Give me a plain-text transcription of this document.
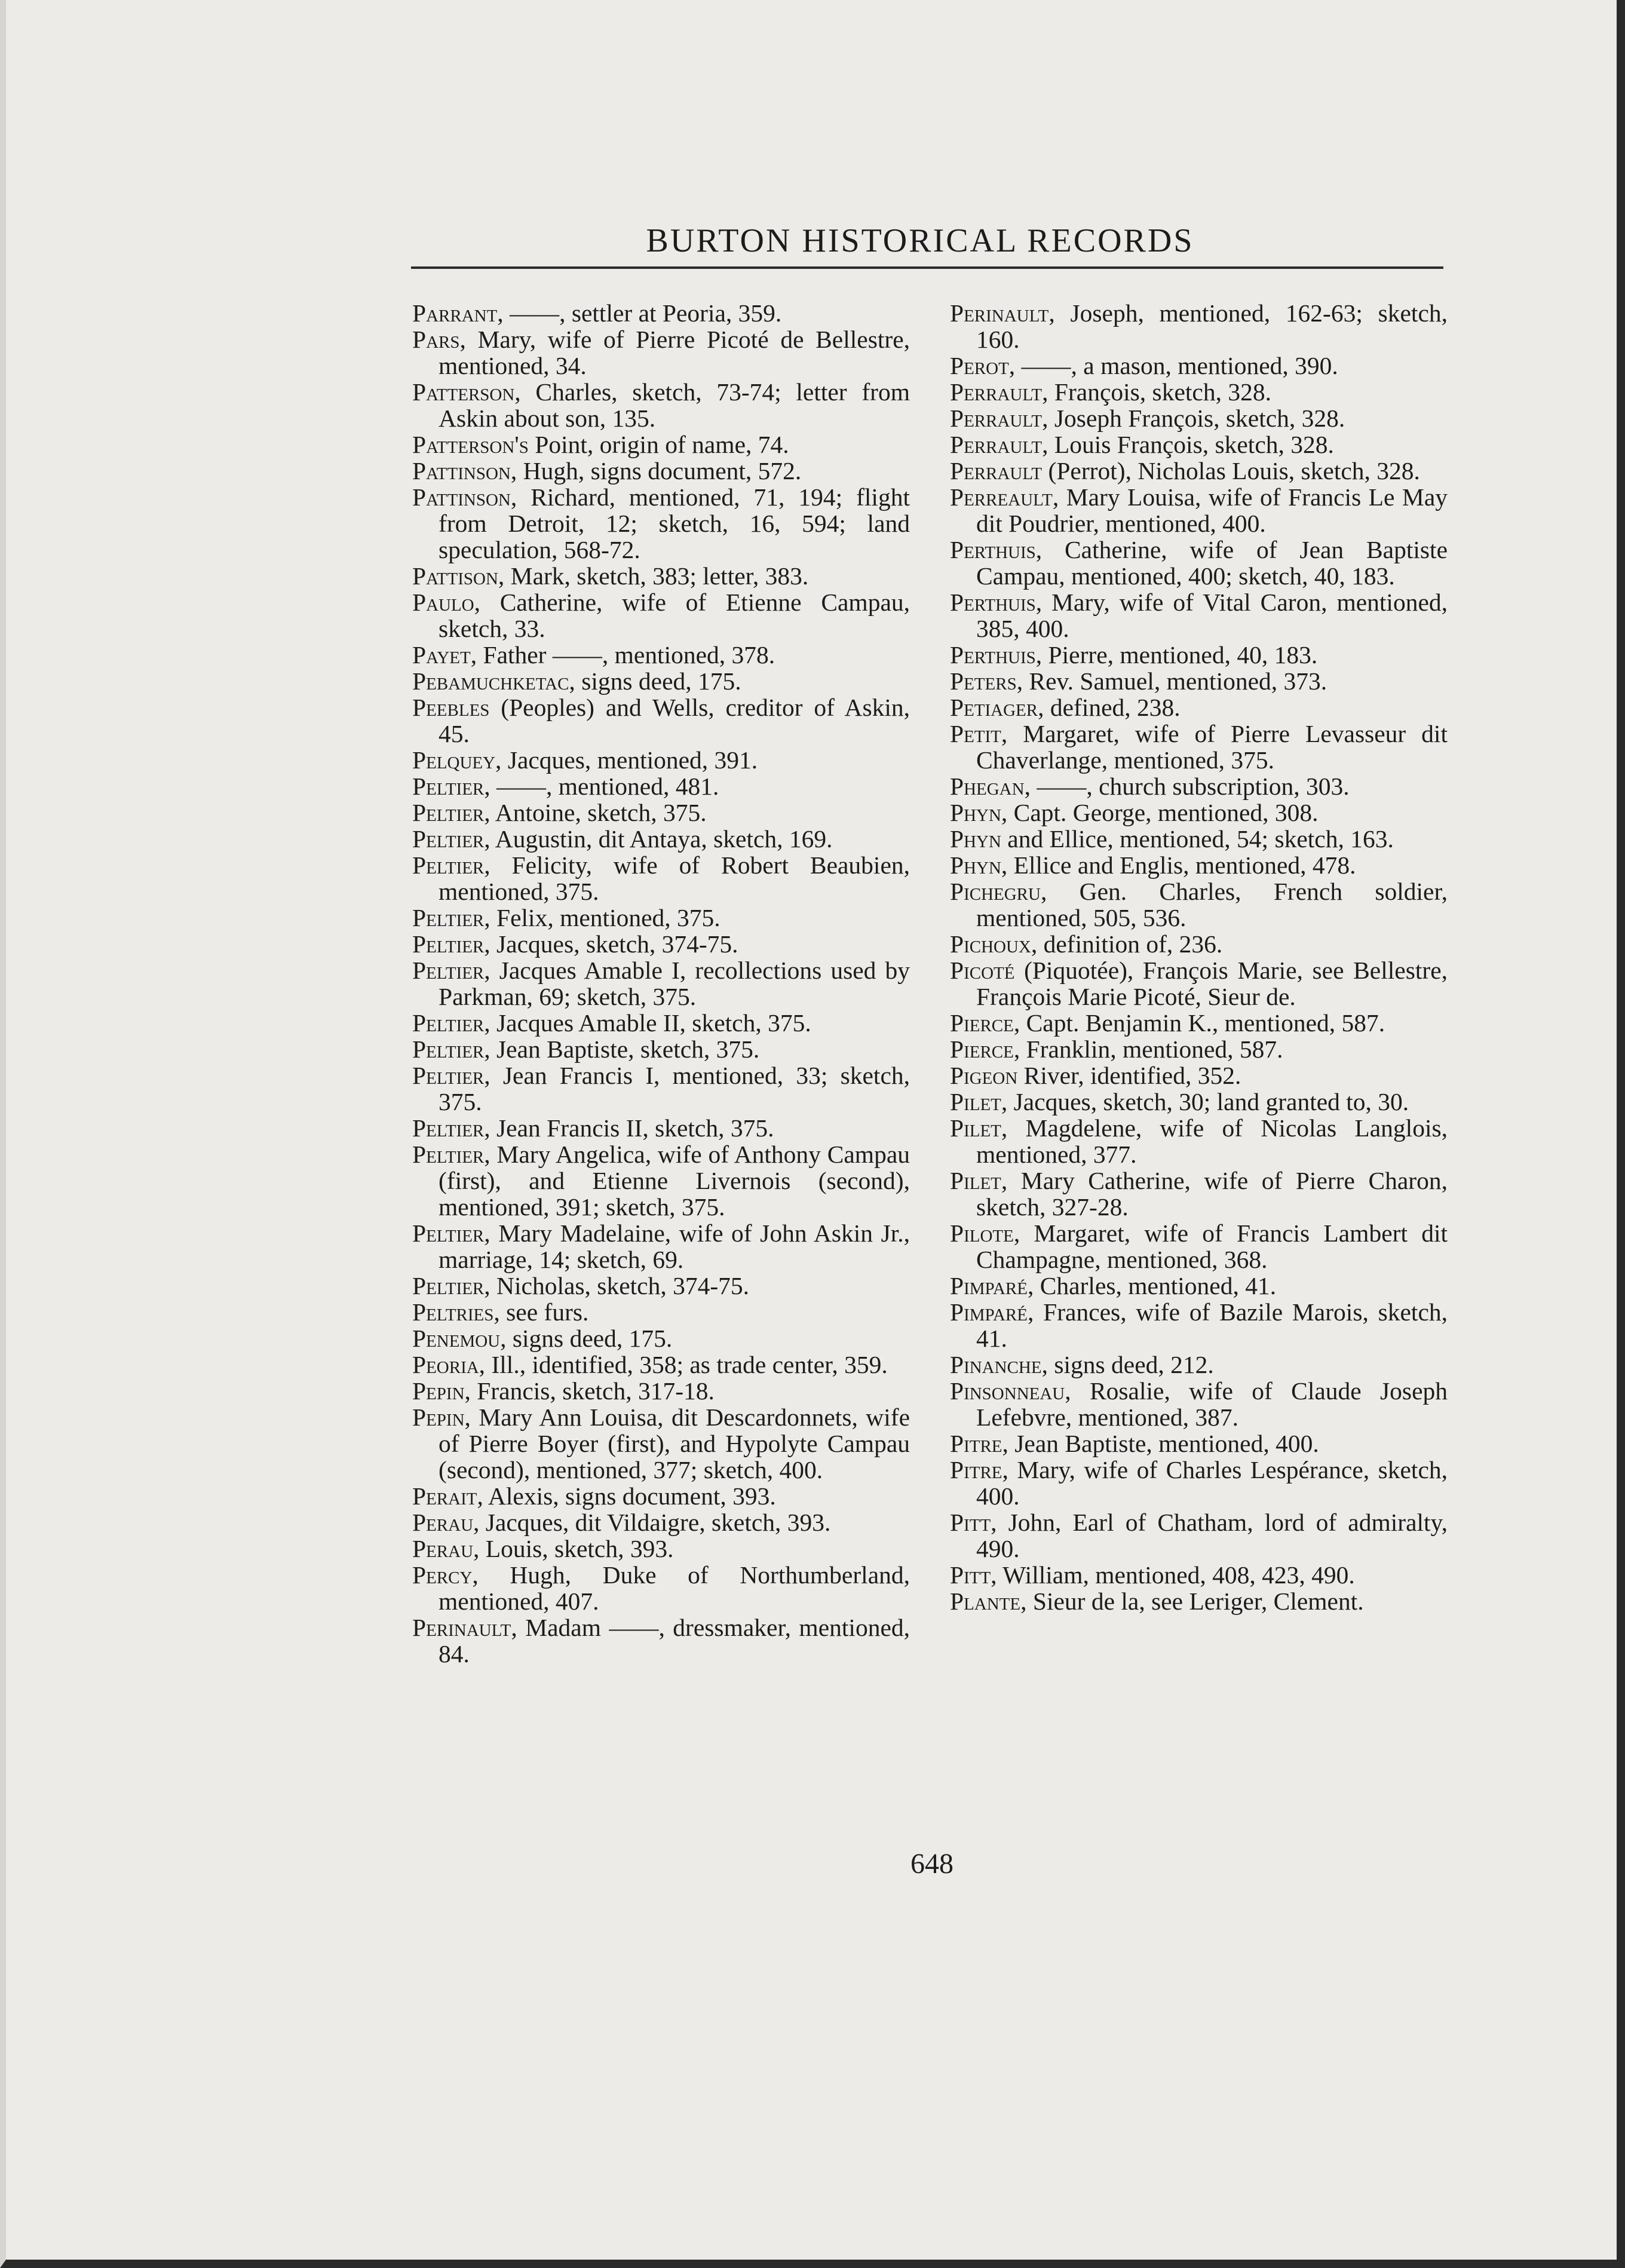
BURTON HISTORICAL RECORDS
Parrant, ——, settler at Peoria, 359.
Pars, Mary, wife of Pierre Picoté de Bellestre, mentioned, 34.
Patterson, Charles, sketch, 73-74; letter from Askin about son, 135.
Patterson's Point, origin of name, 74.
Pattinson, Hugh, signs document, 572.
Pattinson, Richard, mentioned, 71, 194; flight from Detroit, 12; sketch, 16, 594; land speculation, 568-72.
Pattison, Mark, sketch, 383; letter, 383.
Paulo, Catherine, wife of Etienne Campau, sketch, 33.
Payet, Father ——, mentioned, 378.
Pebamuchketac, signs deed, 175.
Peebles (Peoples) and Wells, creditor of Askin, 45.
Pelquey, Jacques, mentioned, 391.
Peltier, ——, mentioned, 481.
Peltier, Antoine, sketch, 375.
Peltier, Augustin, dit Antaya, sketch, 169.
Peltier, Felicity, wife of Robert Beaubien, mentioned, 375.
Peltier, Felix, mentioned, 375.
Peltier, Jacques, sketch, 374-75.
Peltier, Jacques Amable I, recollections used by Parkman, 69; sketch, 375.
Peltier, Jacques Amable II, sketch, 375.
Peltier, Jean Baptiste, sketch, 375.
Peltier, Jean Francis I, mentioned, 33; sketch, 375.
Peltier, Jean Francis II, sketch, 375.
Peltier, Mary Angelica, wife of Anthony Campau (first), and Etienne Livernois (second), mentioned, 391; sketch, 375.
Peltier, Mary Madelaine, wife of John Askin Jr., marriage, 14; sketch, 69.
Peltier, Nicholas, sketch, 374-75.
Peltries, see furs.
Penemou, signs deed, 175.
Peoria, Ill., identified, 358; as trade center, 359.
Pepin, Francis, sketch, 317-18.
Pepin, Mary Ann Louisa, dit Descardonnets, wife of Pierre Boyer (first), and Hypolyte Campau (second), mentioned, 377; sketch, 400.
Perait, Alexis, signs document, 393.
Perau, Jacques, dit Vildaigre, sketch, 393.
Perau, Louis, sketch, 393.
Percy, Hugh, Duke of Northumberland, mentioned, 407.
Perinault, Madam ——, dressmaker, mentioned, 84.
Perinault, Joseph, mentioned, 162-63; sketch, 160.
Perot, ——, a mason, mentioned, 390.
Perrault, François, sketch, 328.
Perrault, Joseph François, sketch, 328.
Perrault, Louis François, sketch, 328.
Perrault (Perrot), Nicholas Louis, sketch, 328.
Perreault, Mary Louisa, wife of Francis Le May dit Poudrier, mentioned, 400.
Perthuis, Catherine, wife of Jean Baptiste Campau, mentioned, 400; sketch, 40, 183.
Perthuis, Mary, wife of Vital Caron, mentioned, 385, 400.
Perthuis, Pierre, mentioned, 40, 183.
Peters, Rev. Samuel, mentioned, 373.
Petiager, defined, 238.
Petit, Margaret, wife of Pierre Levasseur dit Chaverlange, mentioned, 375.
Phegan, ——, church subscription, 303.
Phyn, Capt. George, mentioned, 308.
Phyn and Ellice, mentioned, 54; sketch, 163.
Phyn, Ellice and Englis, mentioned, 478.
Pichegru, Gen. Charles, French soldier, mentioned, 505, 536.
Pichoux, definition of, 236.
Picoté (Piquotée), François Marie, see Bellestre, François Marie Picoté, Sieur de.
Pierce, Capt. Benjamin K., mentioned, 587.
Pierce, Franklin, mentioned, 587.
Pigeon River, identified, 352.
Pilet, Jacques, sketch, 30; land granted to, 30.
Pilet, Magdelene, wife of Nicolas Langlois, mentioned, 377.
Pilet, Mary Catherine, wife of Pierre Charon, sketch, 327-28.
Pilote, Margaret, wife of Francis Lambert dit Champagne, mentioned, 368.
Pimparé, Charles, mentioned, 41.
Pimparé, Frances, wife of Bazile Marois, sketch, 41.
Pinanche, signs deed, 212.
Pinsonneau, Rosalie, wife of Claude Joseph Lefebvre, mentioned, 387.
Pitre, Jean Baptiste, mentioned, 400.
Pitre, Mary, wife of Charles Lespérance, sketch, 400.
Pitt, John, Earl of Chatham, lord of admiralty, 490.
Pitt, William, mentioned, 408, 423, 490.
Plante, Sieur de la, see Leriger, Clement.
648
